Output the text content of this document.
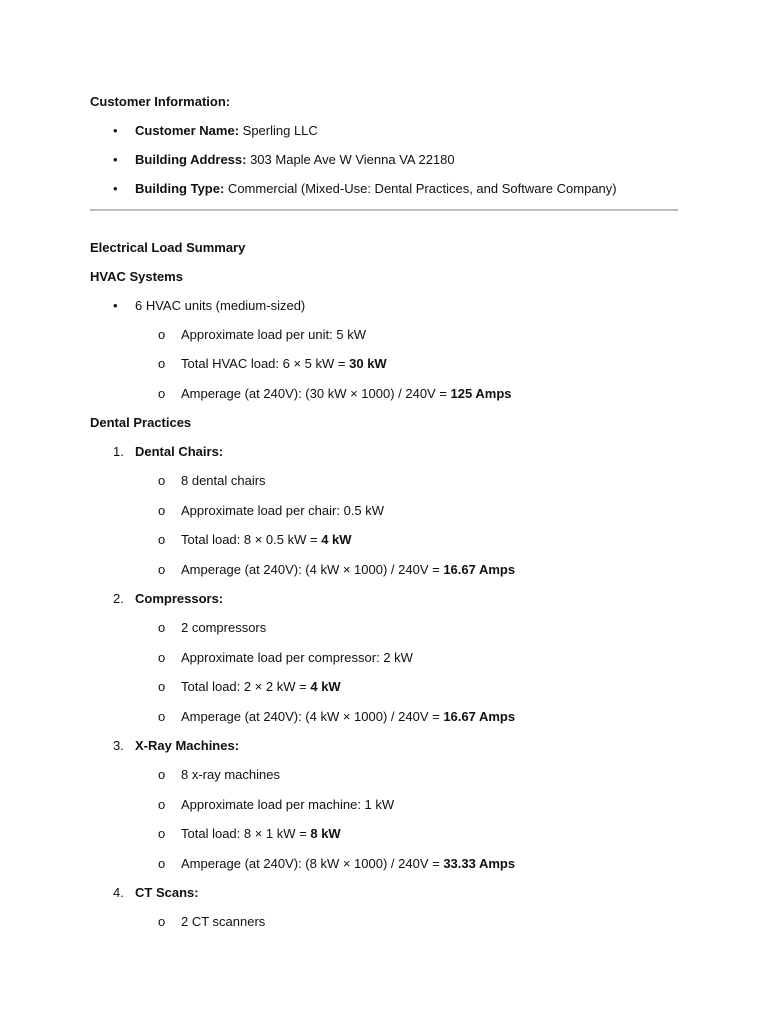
Customer Information:
• Customer Name: Sperling LLC
• Building Address: 303 Maple Ave W Vienna VA 22180
• Building Type: Commercial (Mixed-Use: Dental Practices, and Software Company)
Electrical Load Summary
HVAC Systems
• 6 HVAC units (medium-sized)
o Approximate load per unit: 5 kW
o Total HVAC load: 6 × 5 kW = 30 kW
o Amperage (at 240V): (30 kW × 1000) / 240V = 125 Amps
Dental Practices
1. Dental Chairs:
o 8 dental chairs
o Approximate load per chair: 0.5 kW
o Total load: 8 × 0.5 kW = 4 kW
o Amperage (at 240V): (4 kW × 1000) / 240V = 16.67 Amps
2. Compressors:
o 2 compressors
o Approximate load per compressor: 2 kW
o Total load: 2 × 2 kW = 4 kW
o Amperage (at 240V): (4 kW × 1000) / 240V = 16.67 Amps
3. X-Ray Machines:
o 8 x-ray machines
o Approximate load per machine: 1 kW
o Total load: 8 × 1 kW = 8 kW
o Amperage (at 240V): (8 kW × 1000) / 240V = 33.33 Amps
4. CT Scans:
o 2 CT scanners
